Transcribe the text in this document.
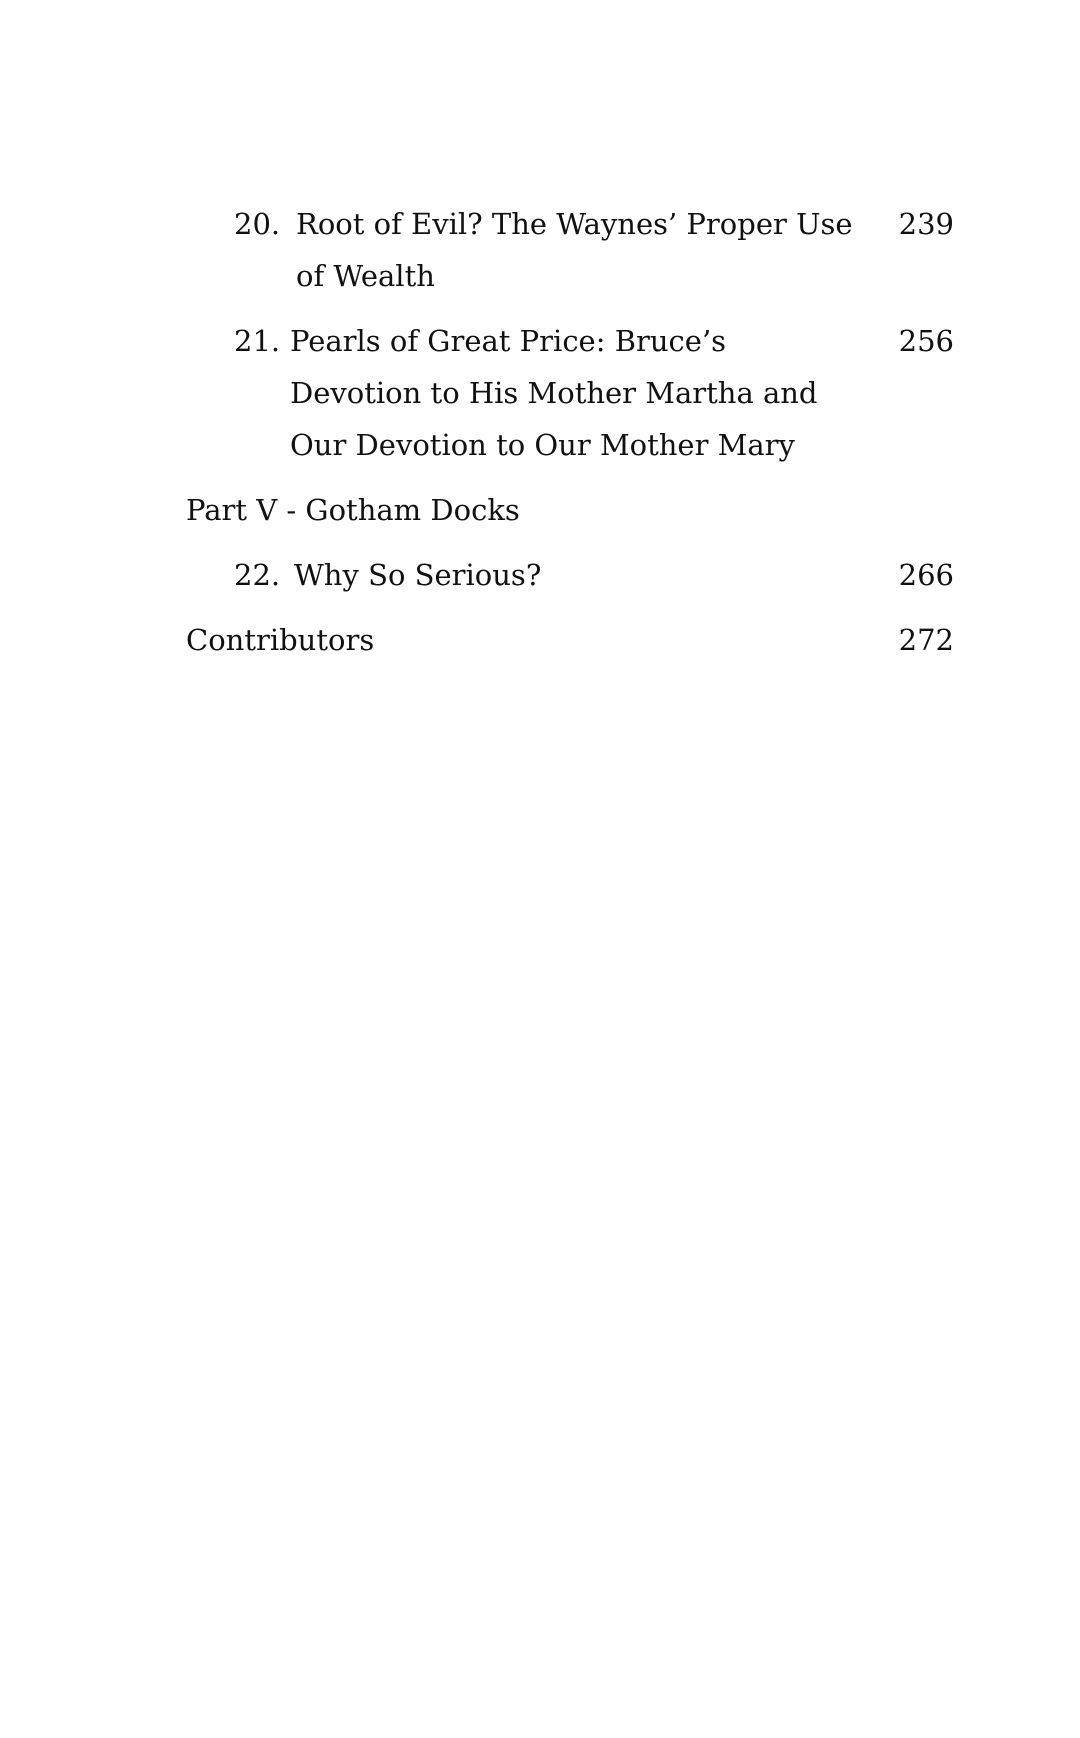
20. Root of Evil? The Waynes’ Proper Use of Wealth
239
21. Pearls of Great Price: Bruce’s Devotion to His Mother Martha and Our Devotion to Our Mother Mary
256
Part V - Gotham Docks
22. Why So Serious?	266
Contributors	272
